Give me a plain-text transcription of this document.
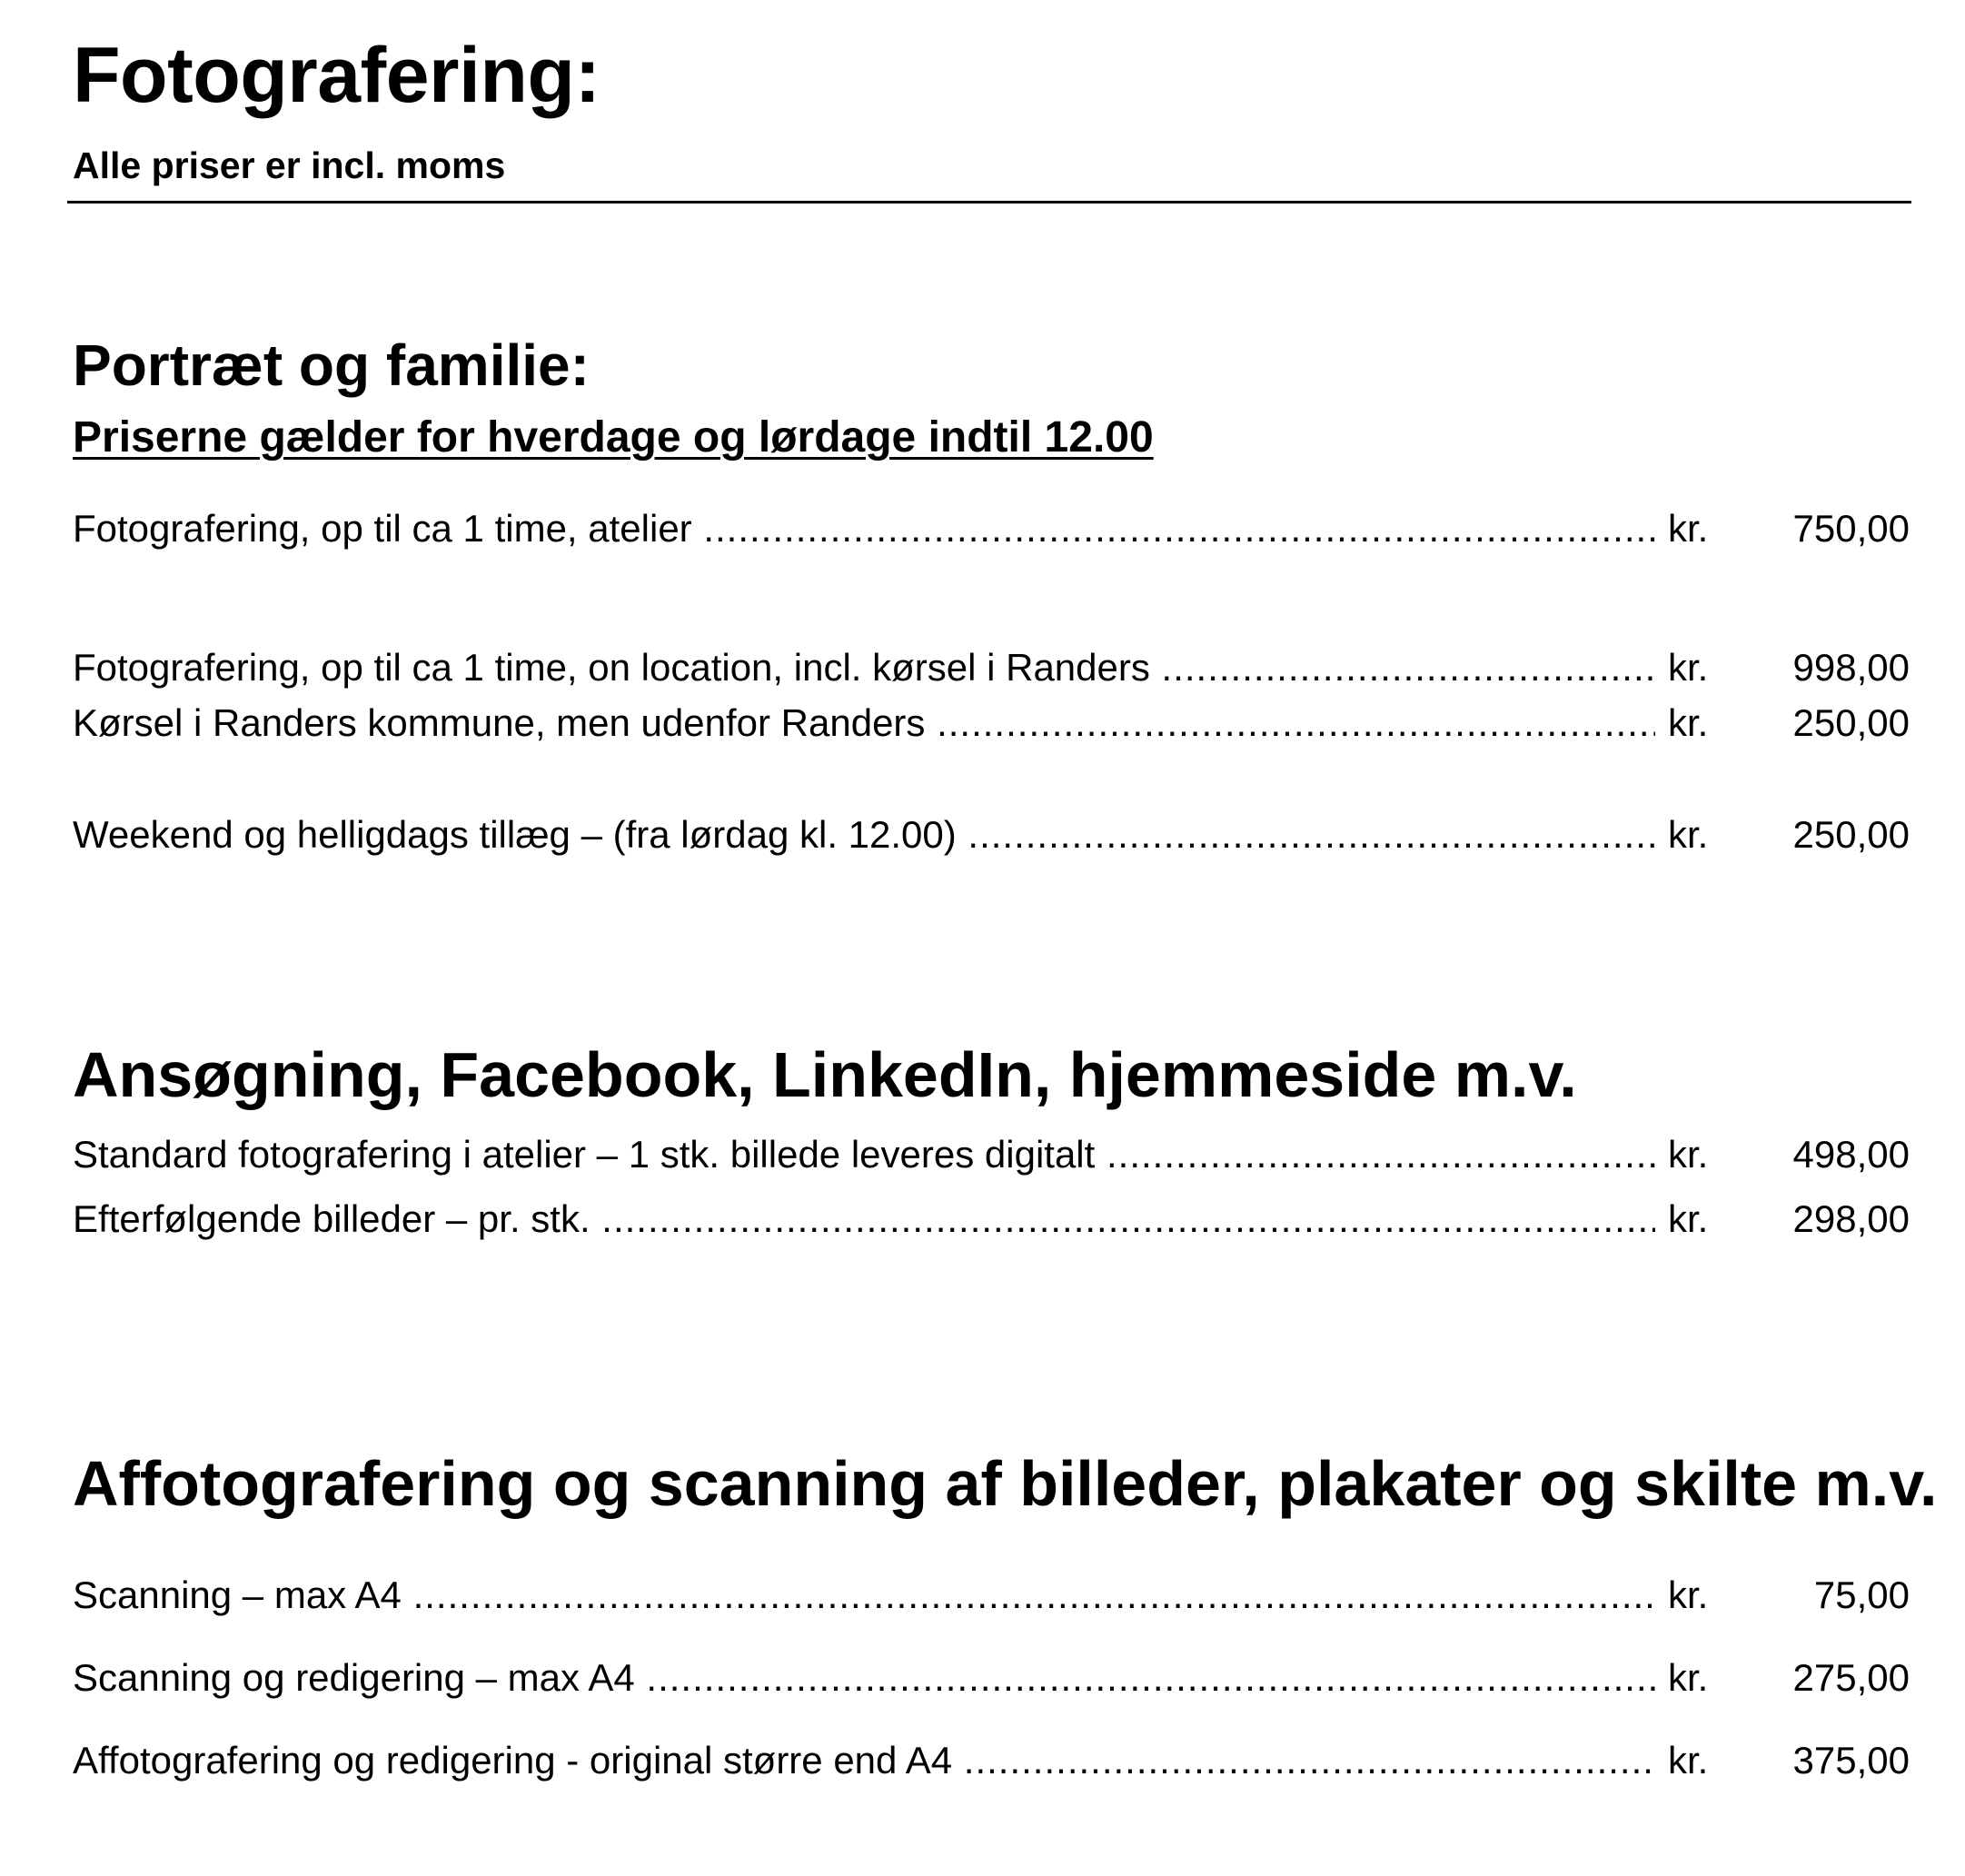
Fotografering:
Alle priser er incl. moms
Portræt og familie:
Priserne gælder for hverdage og lørdage indtil 12.00
Fotografering, op til ca 1 time, atelier .....	kr. 750,00
Fotografering, op til ca 1 time, on location, incl. kørsel i Randers .....	kr. 998,00
Kørsel i Randers kommune, men udenfor Randers .....	kr. 250,00
Weekend og helligdags tillæg – (fra lørdag kl. 12.00) .....	kr. 250,00
Ansøgning, Facebook, LinkedIn, hjemmeside m.v.
Standard fotografering i atelier – 1 stk. billede leveres digitalt .....	kr. 498,00
Efterfølgende billeder – pr. stk. .....	kr. 298,00
Affotografering og scanning af billeder, plakater og skilte m.v.
Scanning – max A4 .....	kr.	75,00
Scanning og redigering – max A4 .....	kr. 275,00
Affotografering og redigering - original større end A4 .....	kr. 375,00
